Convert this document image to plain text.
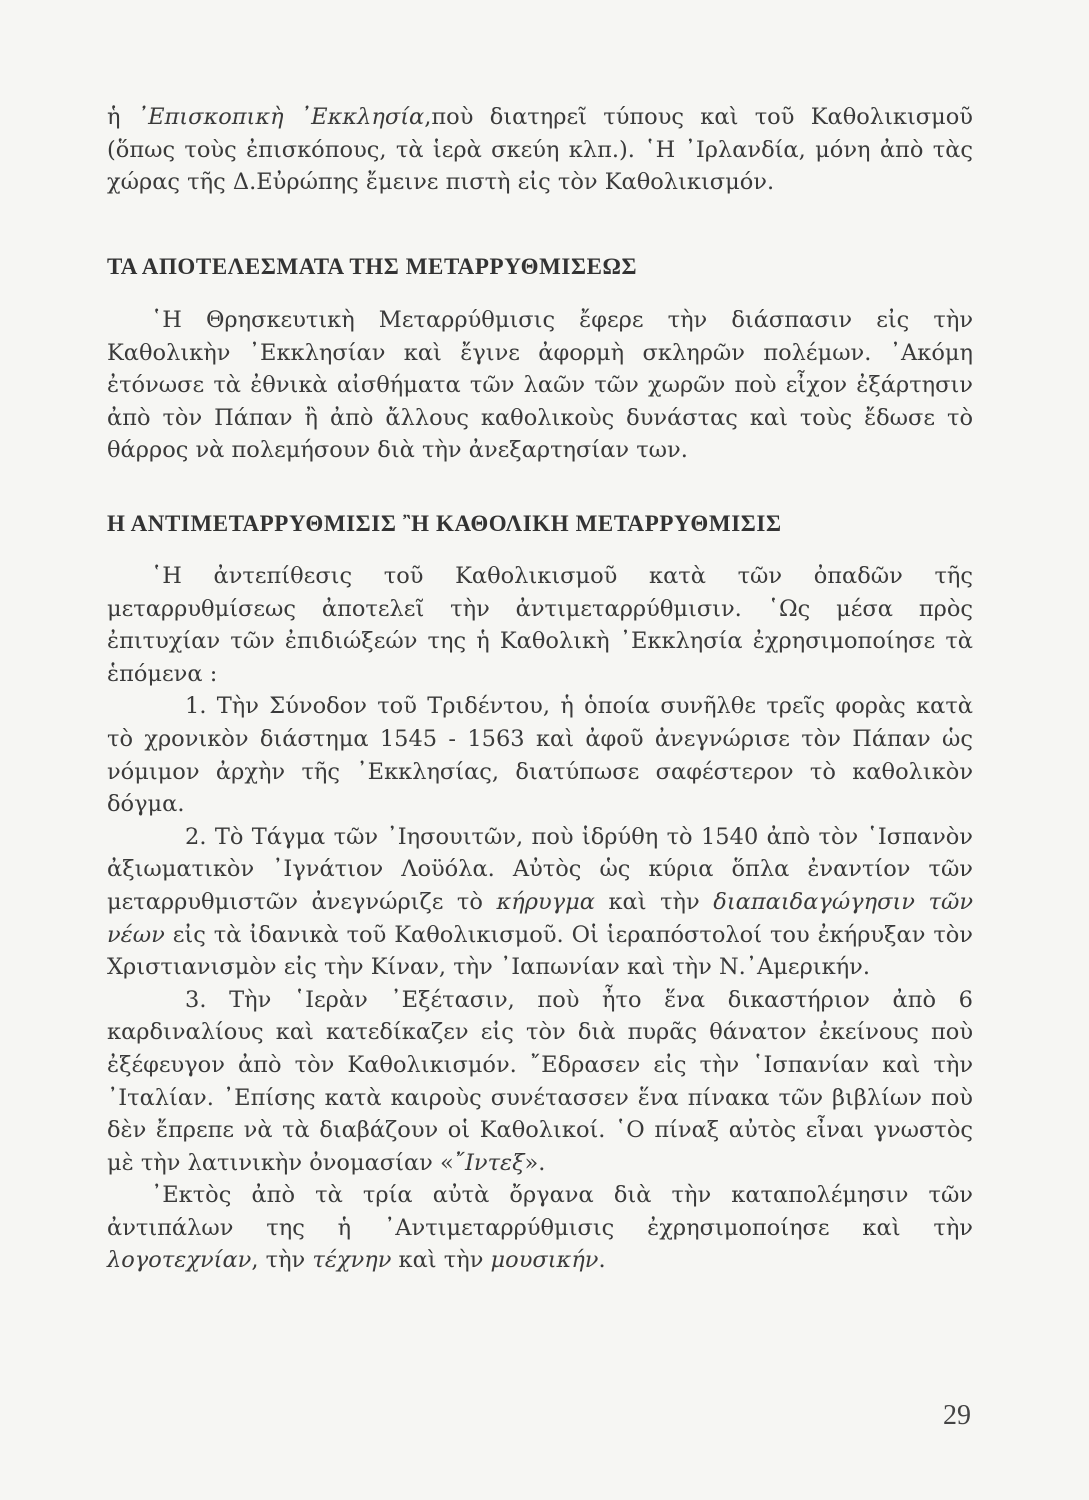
ἡ ᾿Επισκοπικὴ ᾿Εκκλησία,ποὺ διατηρεῖ τύπους καὶ τοῦ Καθολικισμοῦ (ὅπως τοὺς ἐπισκόπους, τὰ ἱερὰ σκεύη κλπ.). ῾Η ᾿Ιρλανδία, μόνη ἀπὸ τὰς χώρας τῆς Δ.Εὐρώπης ἔμεινε πιστὴ εἰς τὸν Καθολικισμόν.

ΤΑ ΑΠΟΤΕΛΕΣΜΑΤΑ ΤΗΣ ΜΕΤΑΡΡΥΘΜΙΣΕΩΣ

῾Η Θρησκευτικὴ Μεταρρύθμισις ἔφερε τὴν διάσπασιν εἰς τὴν Καθολικὴν ᾿Εκκλησίαν καὶ ἔγινε ἀφορμὴ σκληρῶν πολέμων. ᾿Ακόμη ἐτόνωσε τὰ ἐθνικὰ αἰσθήματα τῶν λαῶν τῶν χωρῶν ποὺ εἶχον ἐξάρτησιν ἀπὸ τὸν Πάπαν ἢ ἀπὸ ἄλλους καθολικοὺς δυνάστας καὶ τοὺς ἔδωσε τὸ θάρρος νὰ πολεμήσουν διὰ τὴν ἀνεξαρτησίαν των.

Η ΑΝΤΙΜΕΤΑΡΡΥΘΜΙΣΙΣ ῍Η ΚΑΘΟΛΙΚΗ ΜΕΤΑΡΡΥΘΜΙΣΙΣ

῾Η ἀντεπίθεσις τοῦ Καθολικισμοῦ κατὰ τῶν ὀπαδῶν τῆς μεταρρυθμίσεως ἀποτελεῖ τὴν ἀντιμεταρρύθμισιν. ῾Ως μέσα πρὸς ἐπιτυχίαν τῶν ἐπιδιώξεών της ἡ Καθολικὴ ᾿Εκκλησία ἐχρησιμοποίησε τὰ ἑπόμενα :

1. Τὴν Σύνοδον τοῦ Τριδέντου, ἡ ὁποία συνῆλθε τρεῖς φορὰς κατὰ τὸ χρονικὸν διάστημα 1545 - 1563 καὶ ἀφοῦ ἀνεγνώρισε τὸν Πάπαν ὡς νόμιμον ἀρχὴν τῆς ᾿Εκκλησίας, διατύπωσε σαφέστερον τὸ καθολικὸν δόγμα.

2. Τὸ Τάγμα τῶν ᾿Ιησουιτῶν, ποὺ ἱδρύθη τὸ 1540 ἀπὸ τὸν ῾Ισπανὸν ἀξιωματικὸν ᾿Ιγνάτιον Λοϋόλα. Αὐτὸς ὡς κύρια ὅπλα ἐναντίον τῶν μεταρρυθμιστῶν ἀνεγνώριζε τὸ κήρυγμα καὶ τὴν διαπαιδαγώγησιν τῶν νέων εἰς τὰ ἰδανικὰ τοῦ Καθολικισμοῦ. Οἱ ἱεραπόστολοί του ἐκήρυξαν τὸν Χριστιανισμὸν εἰς τὴν Κίναν, τὴν ᾿Ιαπωνίαν καὶ τὴν Ν.᾿Αμερικήν.

3. Τὴν ῾Ιερὰν ᾿Εξέτασιν, ποὺ ἦτο ἕνα δικαστήριον ἀπὸ 6 καρδιναλίους καὶ κατεδίκαζεν εἰς τὸν διὰ πυρᾶς θάνατον ἐκείνους ποὺ ἐξέφευγον ἀπὸ τὸν Καθολικισμόν. ῎Εδρασεν εἰς τὴν ῾Ισπανίαν καὶ τὴν ᾿Ιταλίαν. ᾿Επίσης κατὰ καιροὺς συνέτασσεν ἕνα πίνακα τῶν βιβλίων ποὺ δὲν ἔπρεπε νὰ τὰ διαβάζουν οἱ Καθολικοί. ῾Ο πίναξ αὐτὸς εἶναι γνωστὸς μὲ τὴν λατινικὴν ὀνομασίαν «῎Ιντεξ».

᾿Εκτὸς ἀπὸ τὰ τρία αὐτὰ ὄργανα διὰ τὴν καταπολέμησιν τῶν ἀντιπάλων της ἡ ᾿Αντιμεταρρύθμισις ἐχρησιμοποίησε καὶ τὴν λογοτεχνίαν, τὴν τέχνην καὶ τὴν μουσικήν.

29
